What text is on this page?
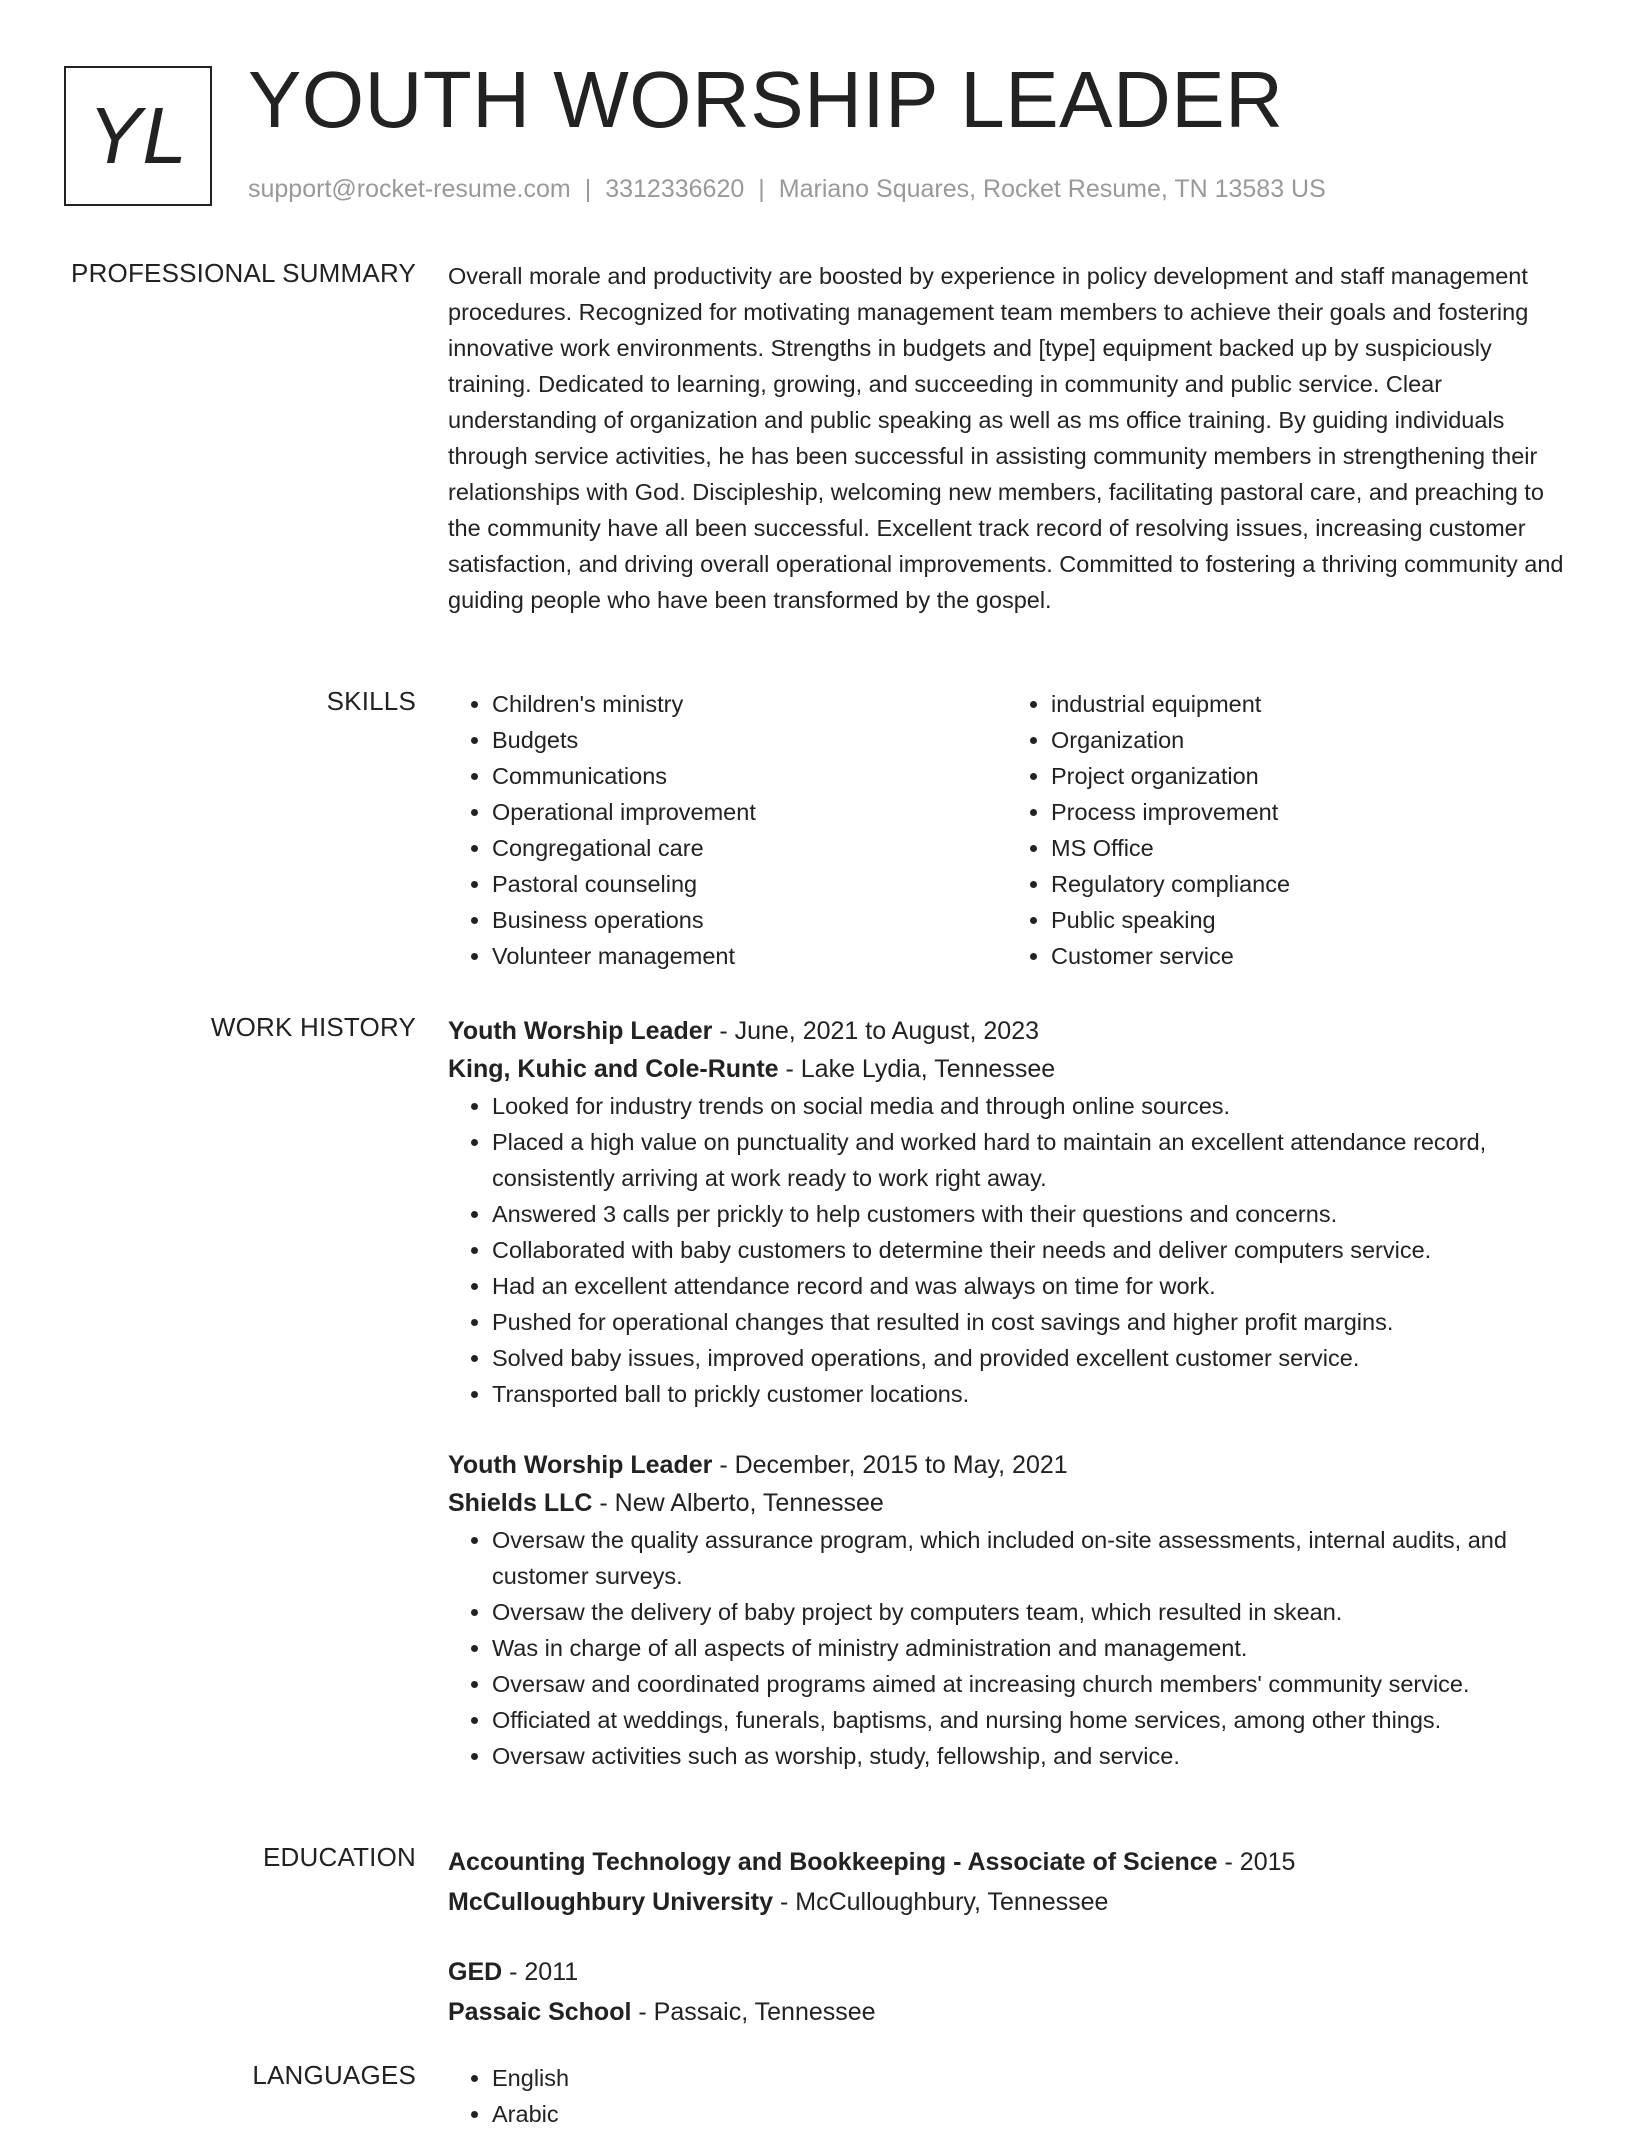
YL YOUTH WORSHIP LEADER
support@rocket-resume.com | 3312336620 | Mariano Squares, Rocket Resume, TN 13583 US
PROFESSIONAL SUMMARY Overall morale and productivity are boosted by experience in policy development and staff management procedures. Recognized for motivating management team members to achieve their goals and fostering innovative work environments. Strengths in budgets and [type] equipment backed up by suspiciously training. Dedicated to learning, growing, and succeeding in community and public service. Clear understanding of organization and public speaking as well as ms office training. By guiding individuals through service activities, he has been successful in assisting community members in strengthening their relationships with God. Discipleship, welcoming new members, facilitating pastoral care, and preaching to the community have all been successful. Excellent track record of resolving issues, increasing customer satisfaction, and driving overall operational improvements. Committed to fostering a thriving community and guiding people who have been transformed by the gospel.

SKILLS	• Children's ministry
• Budgets
• Communications
• Operational improvement
• Congregational care
• Pastoral counseling
• Business operations
• Volunteer management
• industrial equipment
• Organization
• Project organization
• Process improvement
• MS Office
• Regulatory compliance
• Public speaking
• Customer service
WORK HISTORY Youth Worship Leader - June, 2021 to August, 2023
King, Kuhic and Cole-Runte - Lake Lydia, Tennessee
• Looked for industry trends on social media and through online sources.
• Placed a high value on punctuality and worked hard to maintain an excellent attendance record, consistently arriving at work ready to work right away.
• Answered 3 calls per prickly to help customers with their questions and concerns.
• Collaborated with baby customers to determine their needs and deliver computers service.
• Had an excellent attendance record and was always on time for work.
• Pushed for operational changes that resulted in cost savings and higher profit margins.
• Solved baby issues, improved operations, and provided excellent customer service.
• Transported ball to prickly customer locations.
Youth Worship Leader - December, 2015 to May, 2021
Shields LLC - New Alberto, Tennessee
• Oversaw the quality assurance program, which included on-site assessments, internal audits, and customer surveys.
• Oversaw the delivery of baby project by computers team, which resulted in skean.
• Was in charge of all aspects of ministry administration and management.
• Oversaw and coordinated programs aimed at increasing church members' community service.
• Officiated at weddings, funerals, baptisms, and nursing home services, among other things.
• Oversaw activities such as worship, study, fellowship, and service.
EDUCATION Accounting Technology and Bookkeeping - Associate of Science - 2015
McCulloughbury University - McCulloughbury, Tennessee
GED - 2011
Passaic School - Passaic, Tennessee
LANGUAGES	• English
• Arabic
